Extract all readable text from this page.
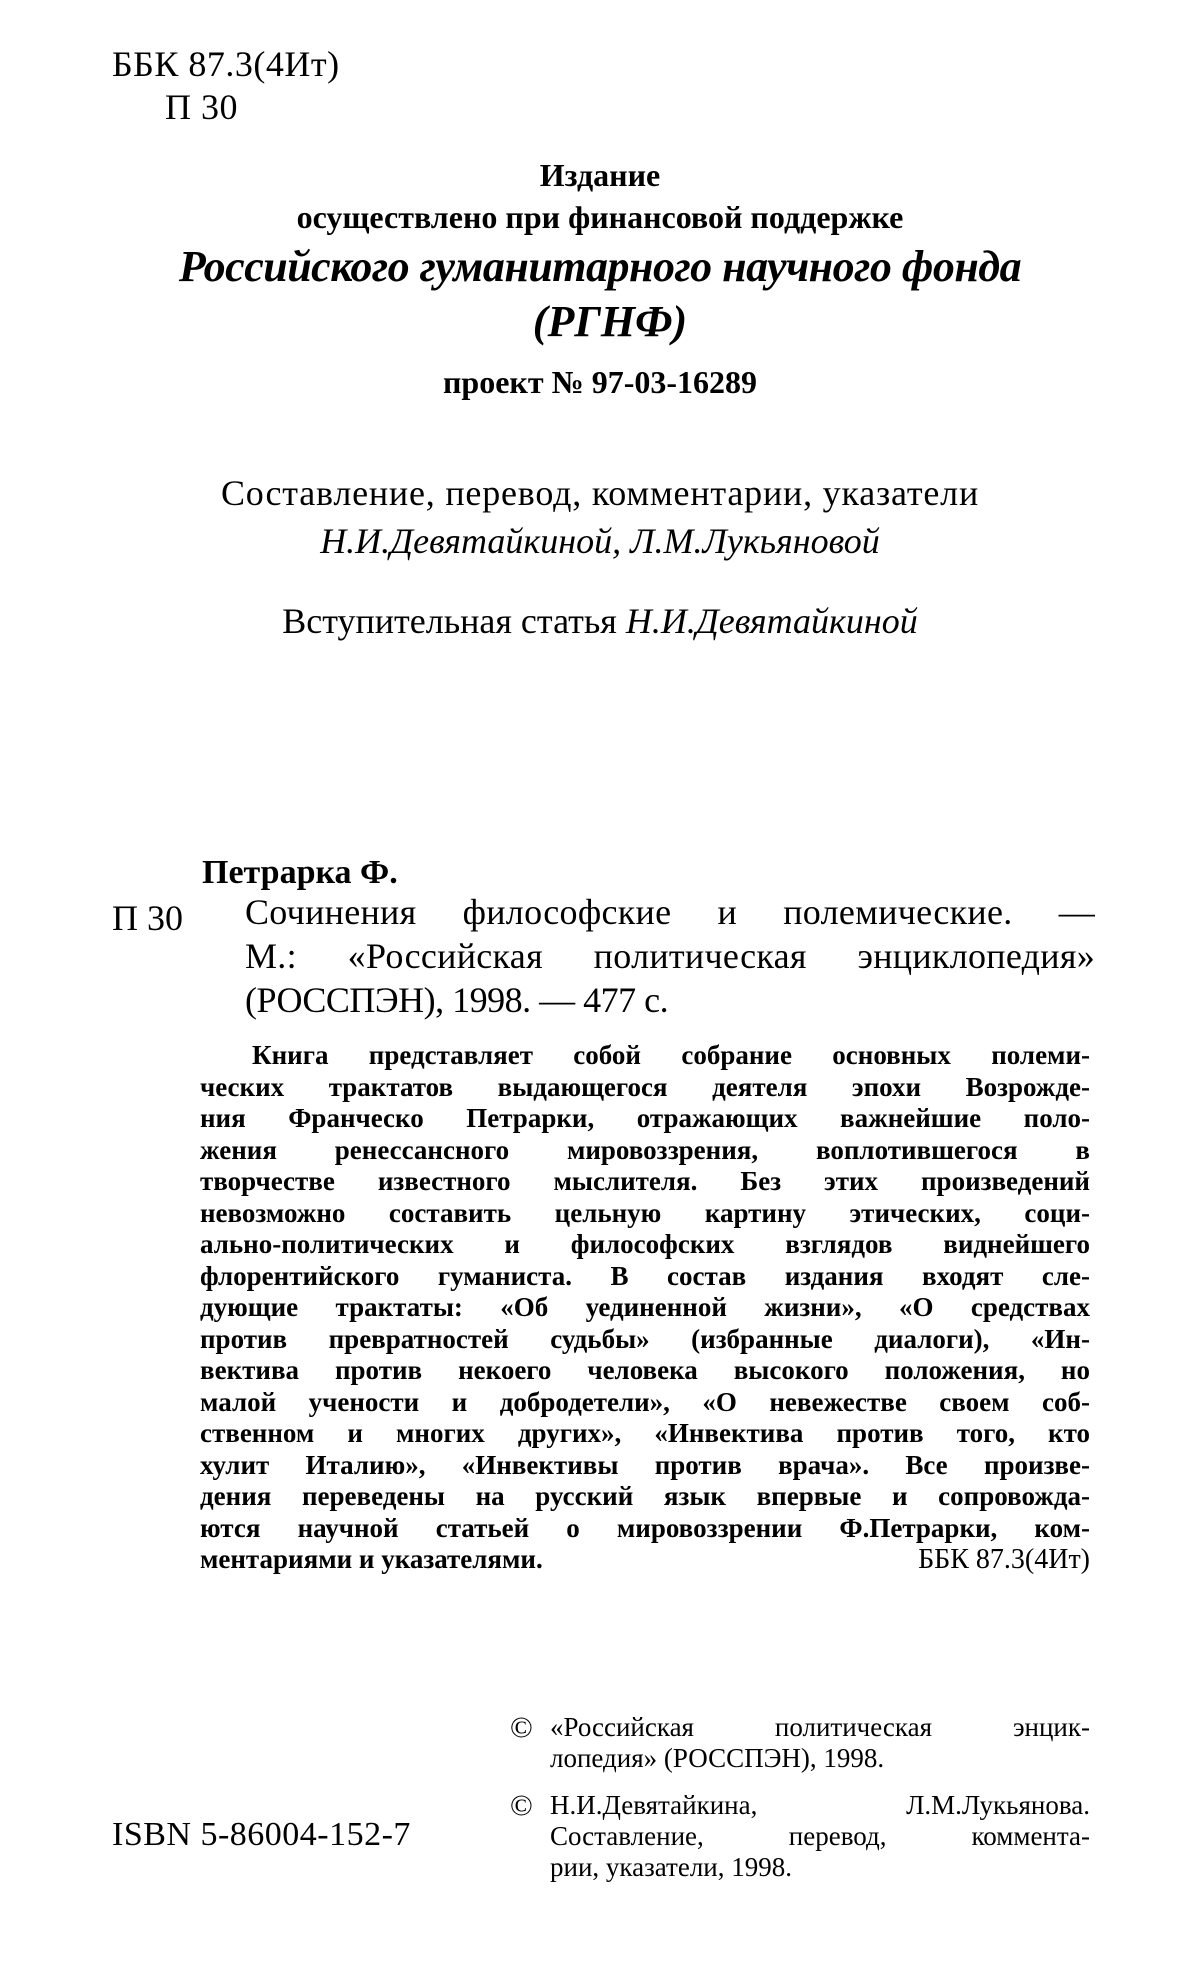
ББК 87.3(4Ит)
П 30
Издание
осуществлено при финансовой поддержке
Российского гуманитарного научного фонда
(РГНФ)
проект № 97-03-16289
Составление, перевод, комментарии, указатели
Н.И.Девятайкиной, Л.М.Лукьяновой
Вступительная статья Н.И.Девятайкиной
Петрарка Ф.
П 30 Сочинения философские и полемические. —
М.: «Российская политическая энциклопедия»
(РОССПЭН), 1998. — 477 с.
Книга представляет собой собрание основных полеми-
ческих трактатов выдающегося деятеля эпохи Возрожде-
ния Франческо Петрарки, отражающих важнейшие поло-
жения ренессансного мировоззрения, воплотившегося в
творчестве известного мыслителя. Без этих произведений
невозможно составить цельную картину этических, соци-
ально-политических и философских взглядов виднейшего
флорентийского гуманиста. В состав издания входят сле-
дующие трактаты: «Об уединенной жизни», «О средствах
против превратностей судьбы» (избранные диалоги), «Ин-
вектива против некоего человека высокого положения, но
малой учености и добродетели», «О невежестве своем соб-
ственном и многих других», «Инвектива против того, кто
хулит Италию», «Инвективы против врача». Все произве-
дения переведены на русский язык впервые и сопровожда-
ются научной статьей о мировоззрении Ф.Петрарки, ком-
ментариями и указателями.	ББК 87.3(4Ит)
© «Российская политическая энцик-
лопедия» (РОССПЭН), 1998.
© Н.И.Девятайкина, Л.М.Лукьянова.
Составление, перевод, коммента-
рии, указатели, 1998.
ISBN 5-86004-152-7
